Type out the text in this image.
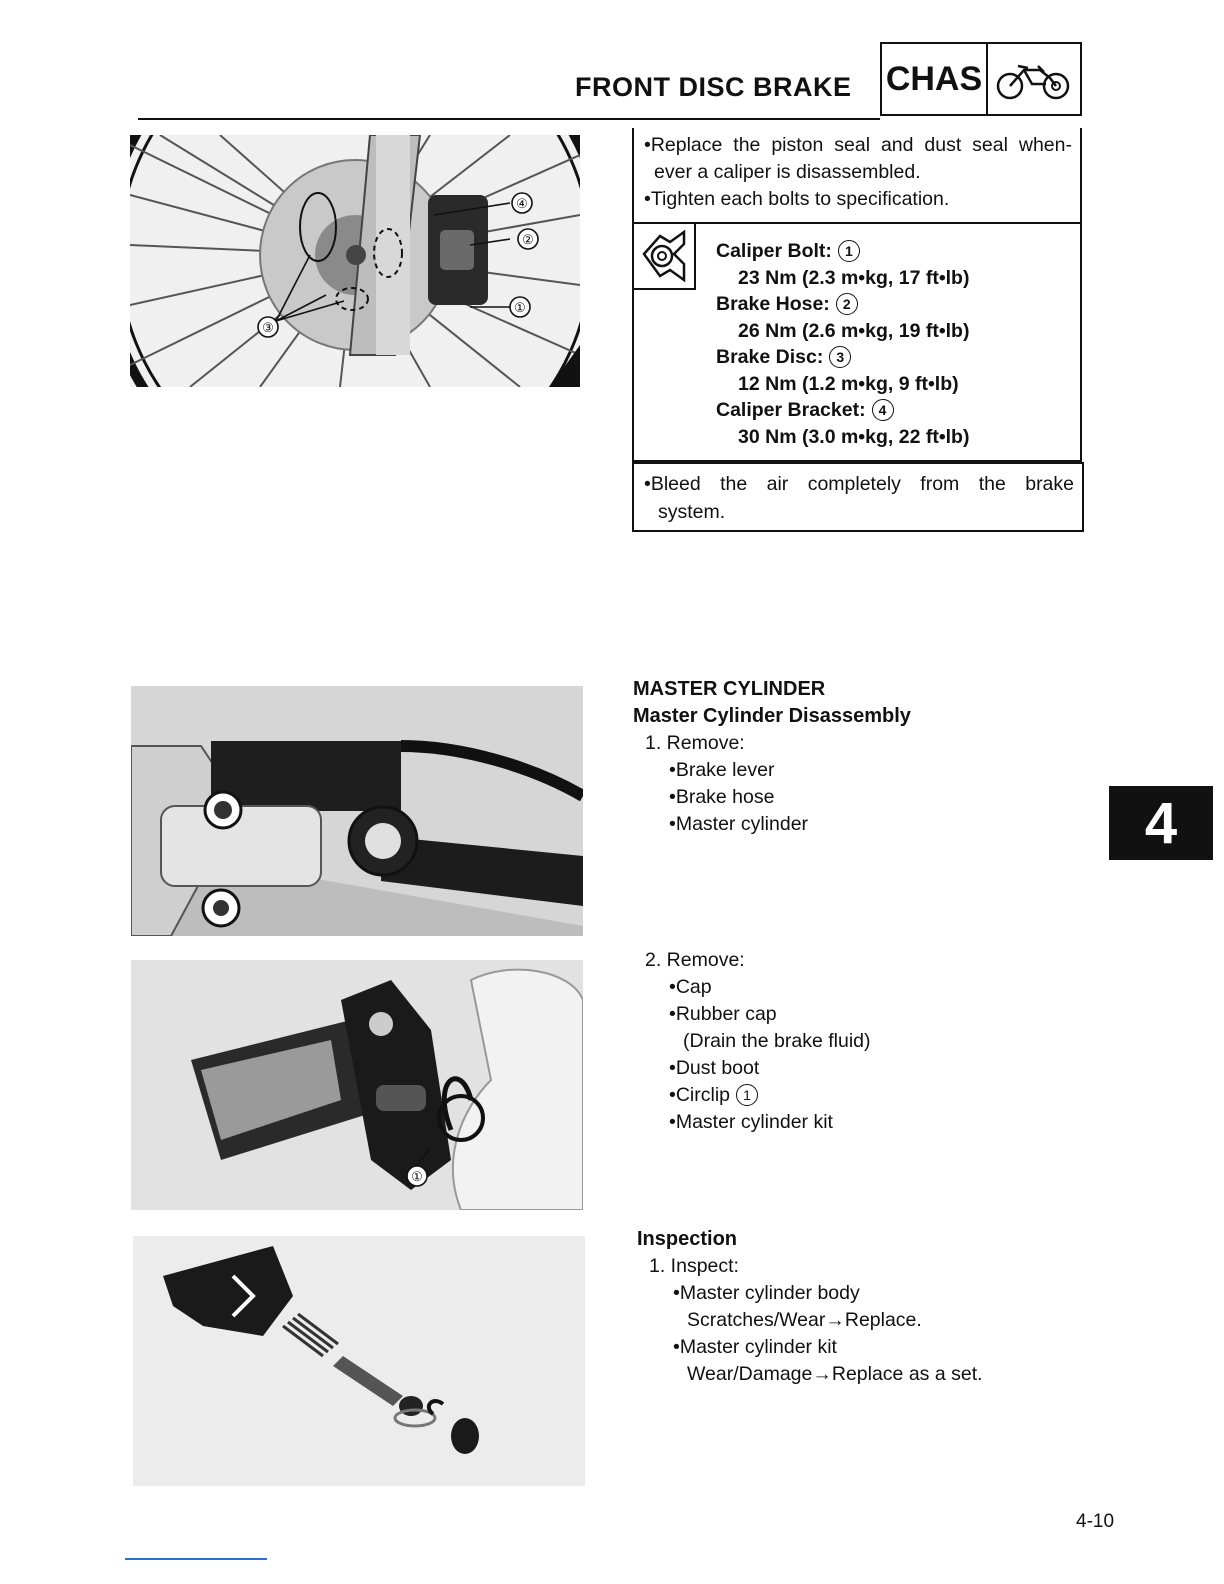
FRONT DISC BRAKE CHAS
④
②
①
③
•Replace the piston seal and dust seal when-
ever a caliper is disassembled.
•Tighten each bolts to specification.
Caliper Bolt: 1
23 Nm (2.3 m•kg, 17 ft•lb)
Brake Hose: 2
26 Nm (2.6 m•kg, 19 ft•lb)
Brake Disc: 3
12 Nm (1.2 m•kg, 9 ft•lb)
Caliper Bracket: 4
30 Nm (3.0 m•kg, 22 ft•lb)
•Bleed the air completely from the brake
system.
①
MASTER CYLINDER
Master Cylinder Disassembly
1. Remove:
•Brake lever
•Brake hose
•Master cylinder
2. Remove:
•Cap
•Rubber cap
(Drain the brake fluid)
•Dust boot
•Circlip 1
•Master cylinder kit
Inspection
1. Inspect:
•Master cylinder body
Scratches/Wear→Replace.
•Master cylinder kit
Wear/Damage→Replace as a set.
4
4-10
